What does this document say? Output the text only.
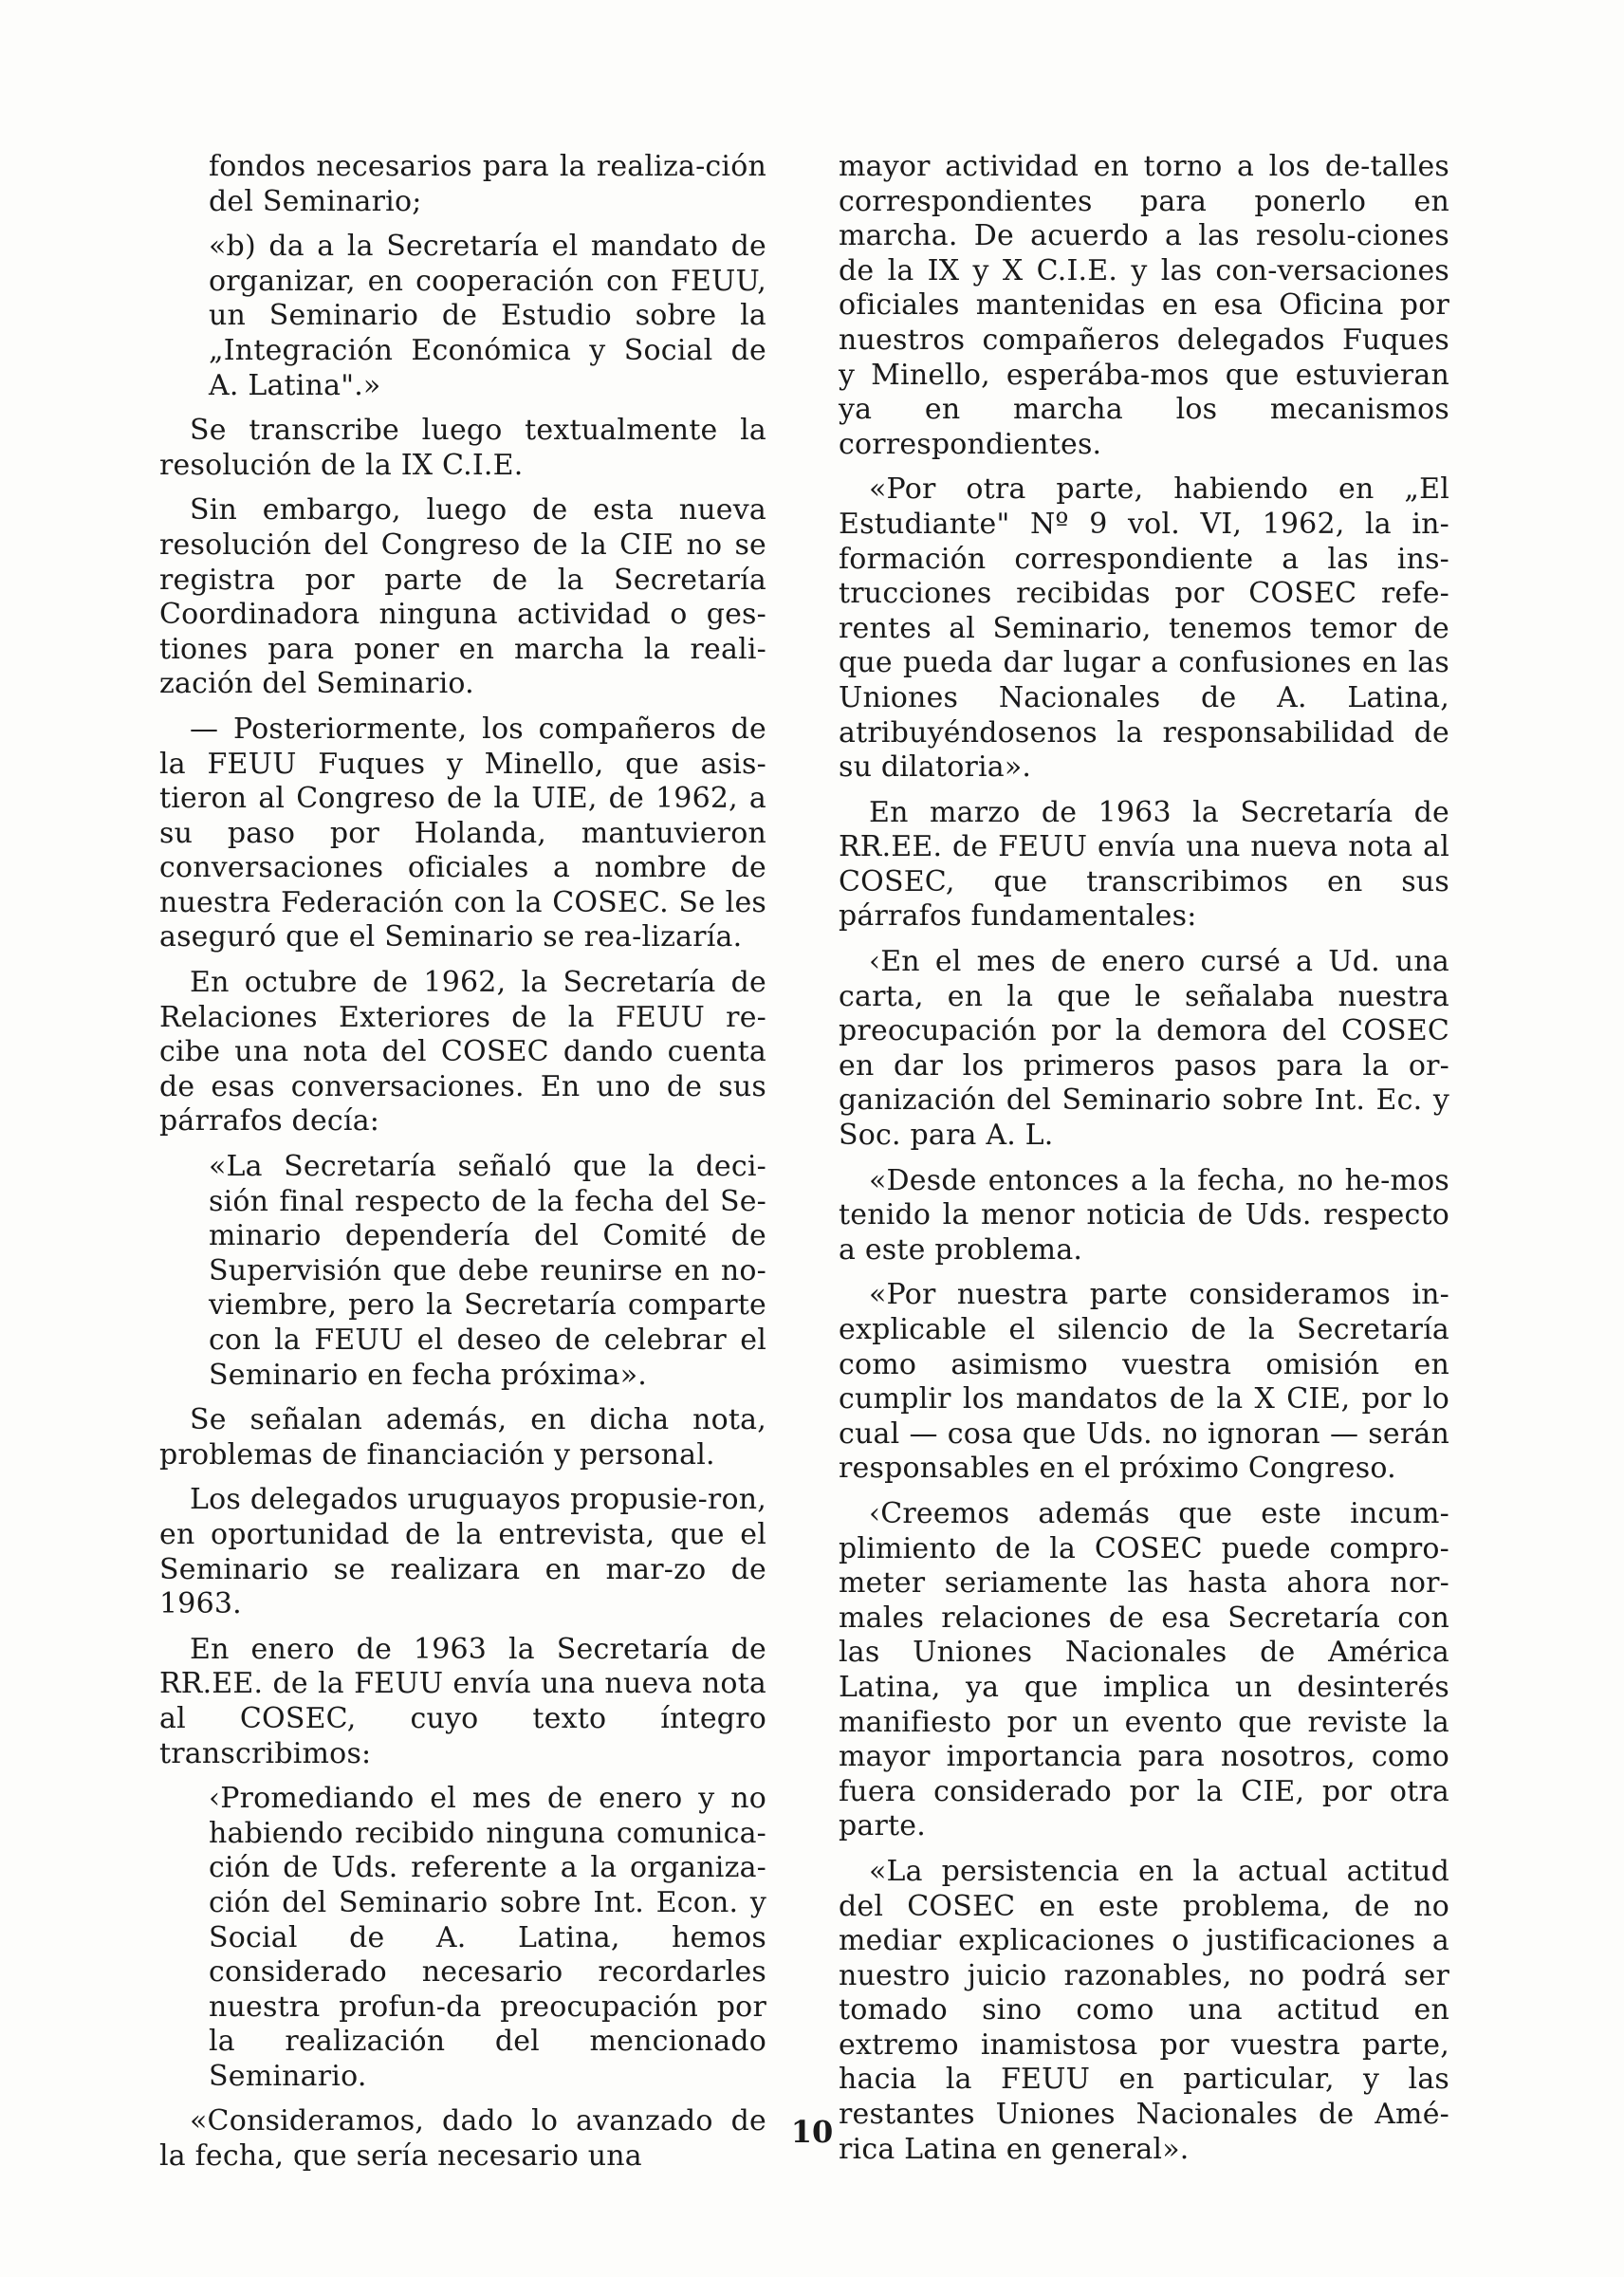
fondos necesarios para la realiza-ción del Seminario;

«b) da a la Secretaría el mandato de organizar, en cooperación con FEUU, un Seminario de Estudio sobre la „Integración Económica y Social de A. Latina".»

Se transcribe luego textualmente la resolución de la IX C.I.E.

Sin embargo, luego de esta nueva resolución del Congreso de la CIE no se registra por parte de la Secretaría Coordinadora ninguna actividad o ges-tiones para poner en marcha la reali-zación del Seminario.

— Posteriormente, los compañeros de la FEUU Fuques y Minello, que asis-tieron al Congreso de la UIE, de 1962, a su paso por Holanda, mantuvieron conversaciones oficiales a nombre de nuestra Federación con la COSEC. Se les aseguró que el Seminario se rea-lizaría.

En octubre de 1962, la Secretaría de Relaciones Exteriores de la FEUU re-cibe una nota del COSEC dando cuenta de esas conversaciones. En uno de sus párrafos decía:

«La Secretaría señaló que la deci-sión final respecto de la fecha del Se-minario dependería del Comité de Supervisión que debe reunirse en no-viembre, pero la Secretaría comparte con la FEUU el deseo de celebrar el Seminario en fecha próxima».

Se señalan además, en dicha nota, problemas de financiación y personal.

Los delegados uruguayos propusie-ron, en oportunidad de la entrevista, que el Seminario se realizara en mar-zo de 1963.

En enero de 1963 la Secretaría de RR.EE. de la FEUU envía una nueva nota al COSEC, cuyo texto íntegro transcribimos:

‹Promediando el mes de enero y no habiendo recibido ninguna comunica-ción de Uds. referente a la organiza-ción del Seminario sobre Int. Econ. y Social de A. Latina, hemos considerado necesario recordarles nuestra profun-da preocupación por la realización del mencionado Seminario.

«Consideramos, dado lo avanzado de la fecha, que sería necesario una

mayor actividad en torno a los de-talles correspondientes para ponerlo en marcha. De acuerdo a las resolu-ciones de la IX y X C.I.E. y las con-versaciones oficiales mantenidas en esa Oficina por nuestros compañeros delegados Fuques y Minello, esperába-mos que estuvieran ya en marcha los mecanismos correspondientes.

«Por otra parte, habiendo en „El Estudiante" Nº 9 vol. VI, 1962, la in-formación correspondiente a las ins-trucciones recibidas por COSEC refe-rentes al Seminario, tenemos temor de que pueda dar lugar a confusiones en las Uniones Nacionales de A. Latina, atribuyéndosenos la responsabilidad de su dilatoria».

En marzo de 1963 la Secretaría de RR.EE. de FEUU envía una nueva nota al COSEC, que transcribimos en sus párrafos fundamentales:

‹En el mes de enero cursé a Ud. una carta, en la que le señalaba nuestra preocupación por la demora del COSEC en dar los primeros pasos para la or-ganización del Seminario sobre Int. Ec. y Soc. para A. L.

«Desde entonces a la fecha, no he-mos tenido la menor noticia de Uds. respecto a este problema.

«Por nuestra parte consideramos in-explicable el silencio de la Secretaría como asimismo vuestra omisión en cumplir los mandatos de la X CIE, por lo cual — cosa que Uds. no ignoran — serán responsables en el próximo Congreso.

‹Creemos además que este incum-plimiento de la COSEC puede compro-meter seriamente las hasta ahora nor-males relaciones de esa Secretaría con las Uniones Nacionales de América Latina, ya que implica un desinterés manifiesto por un evento que reviste la mayor importancia para nosotros, como fuera considerado por la CIE, por otra parte.

«La persistencia en la actual actitud del COSEC en este problema, de no mediar explicaciones o justificaciones a nuestro juicio razonables, no podrá ser tomado sino como una actitud en extremo inamistosa por vuestra parte, hacia la FEUU en particular, y las restantes Uniones Nacionales de Amé-rica Latina en general».

10
